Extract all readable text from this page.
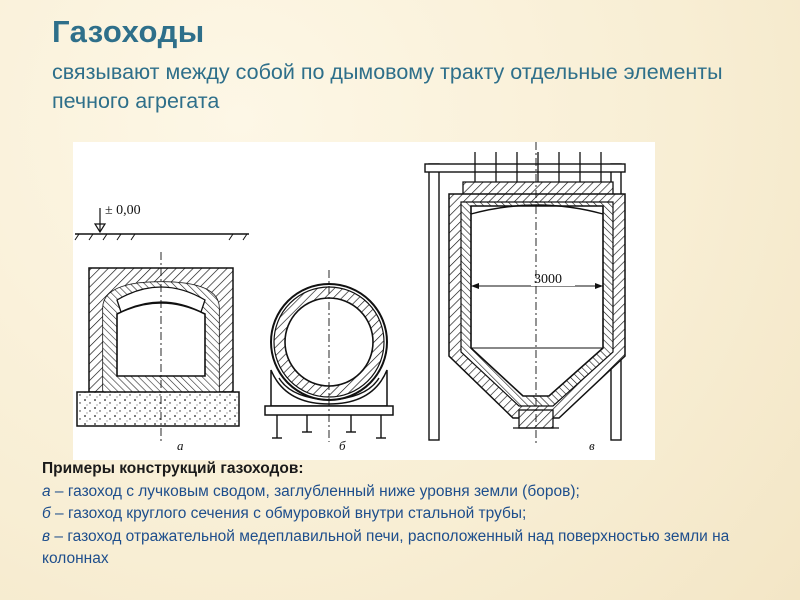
Газоходы
связывают между собой по дымовому тракту отдельные элементы печного агрегата
± 0,00
а	б
3000
в
Примеры конструкций газоходов:
а – газоход с лучковым сводом, заглубленный ниже уровня земли (боров);
б – газоход круглого сечения с обмуровкой внутри стальной трубы;
в – газоход отражательной медеплавильной печи, расположенный над поверхностью земли на колоннах
